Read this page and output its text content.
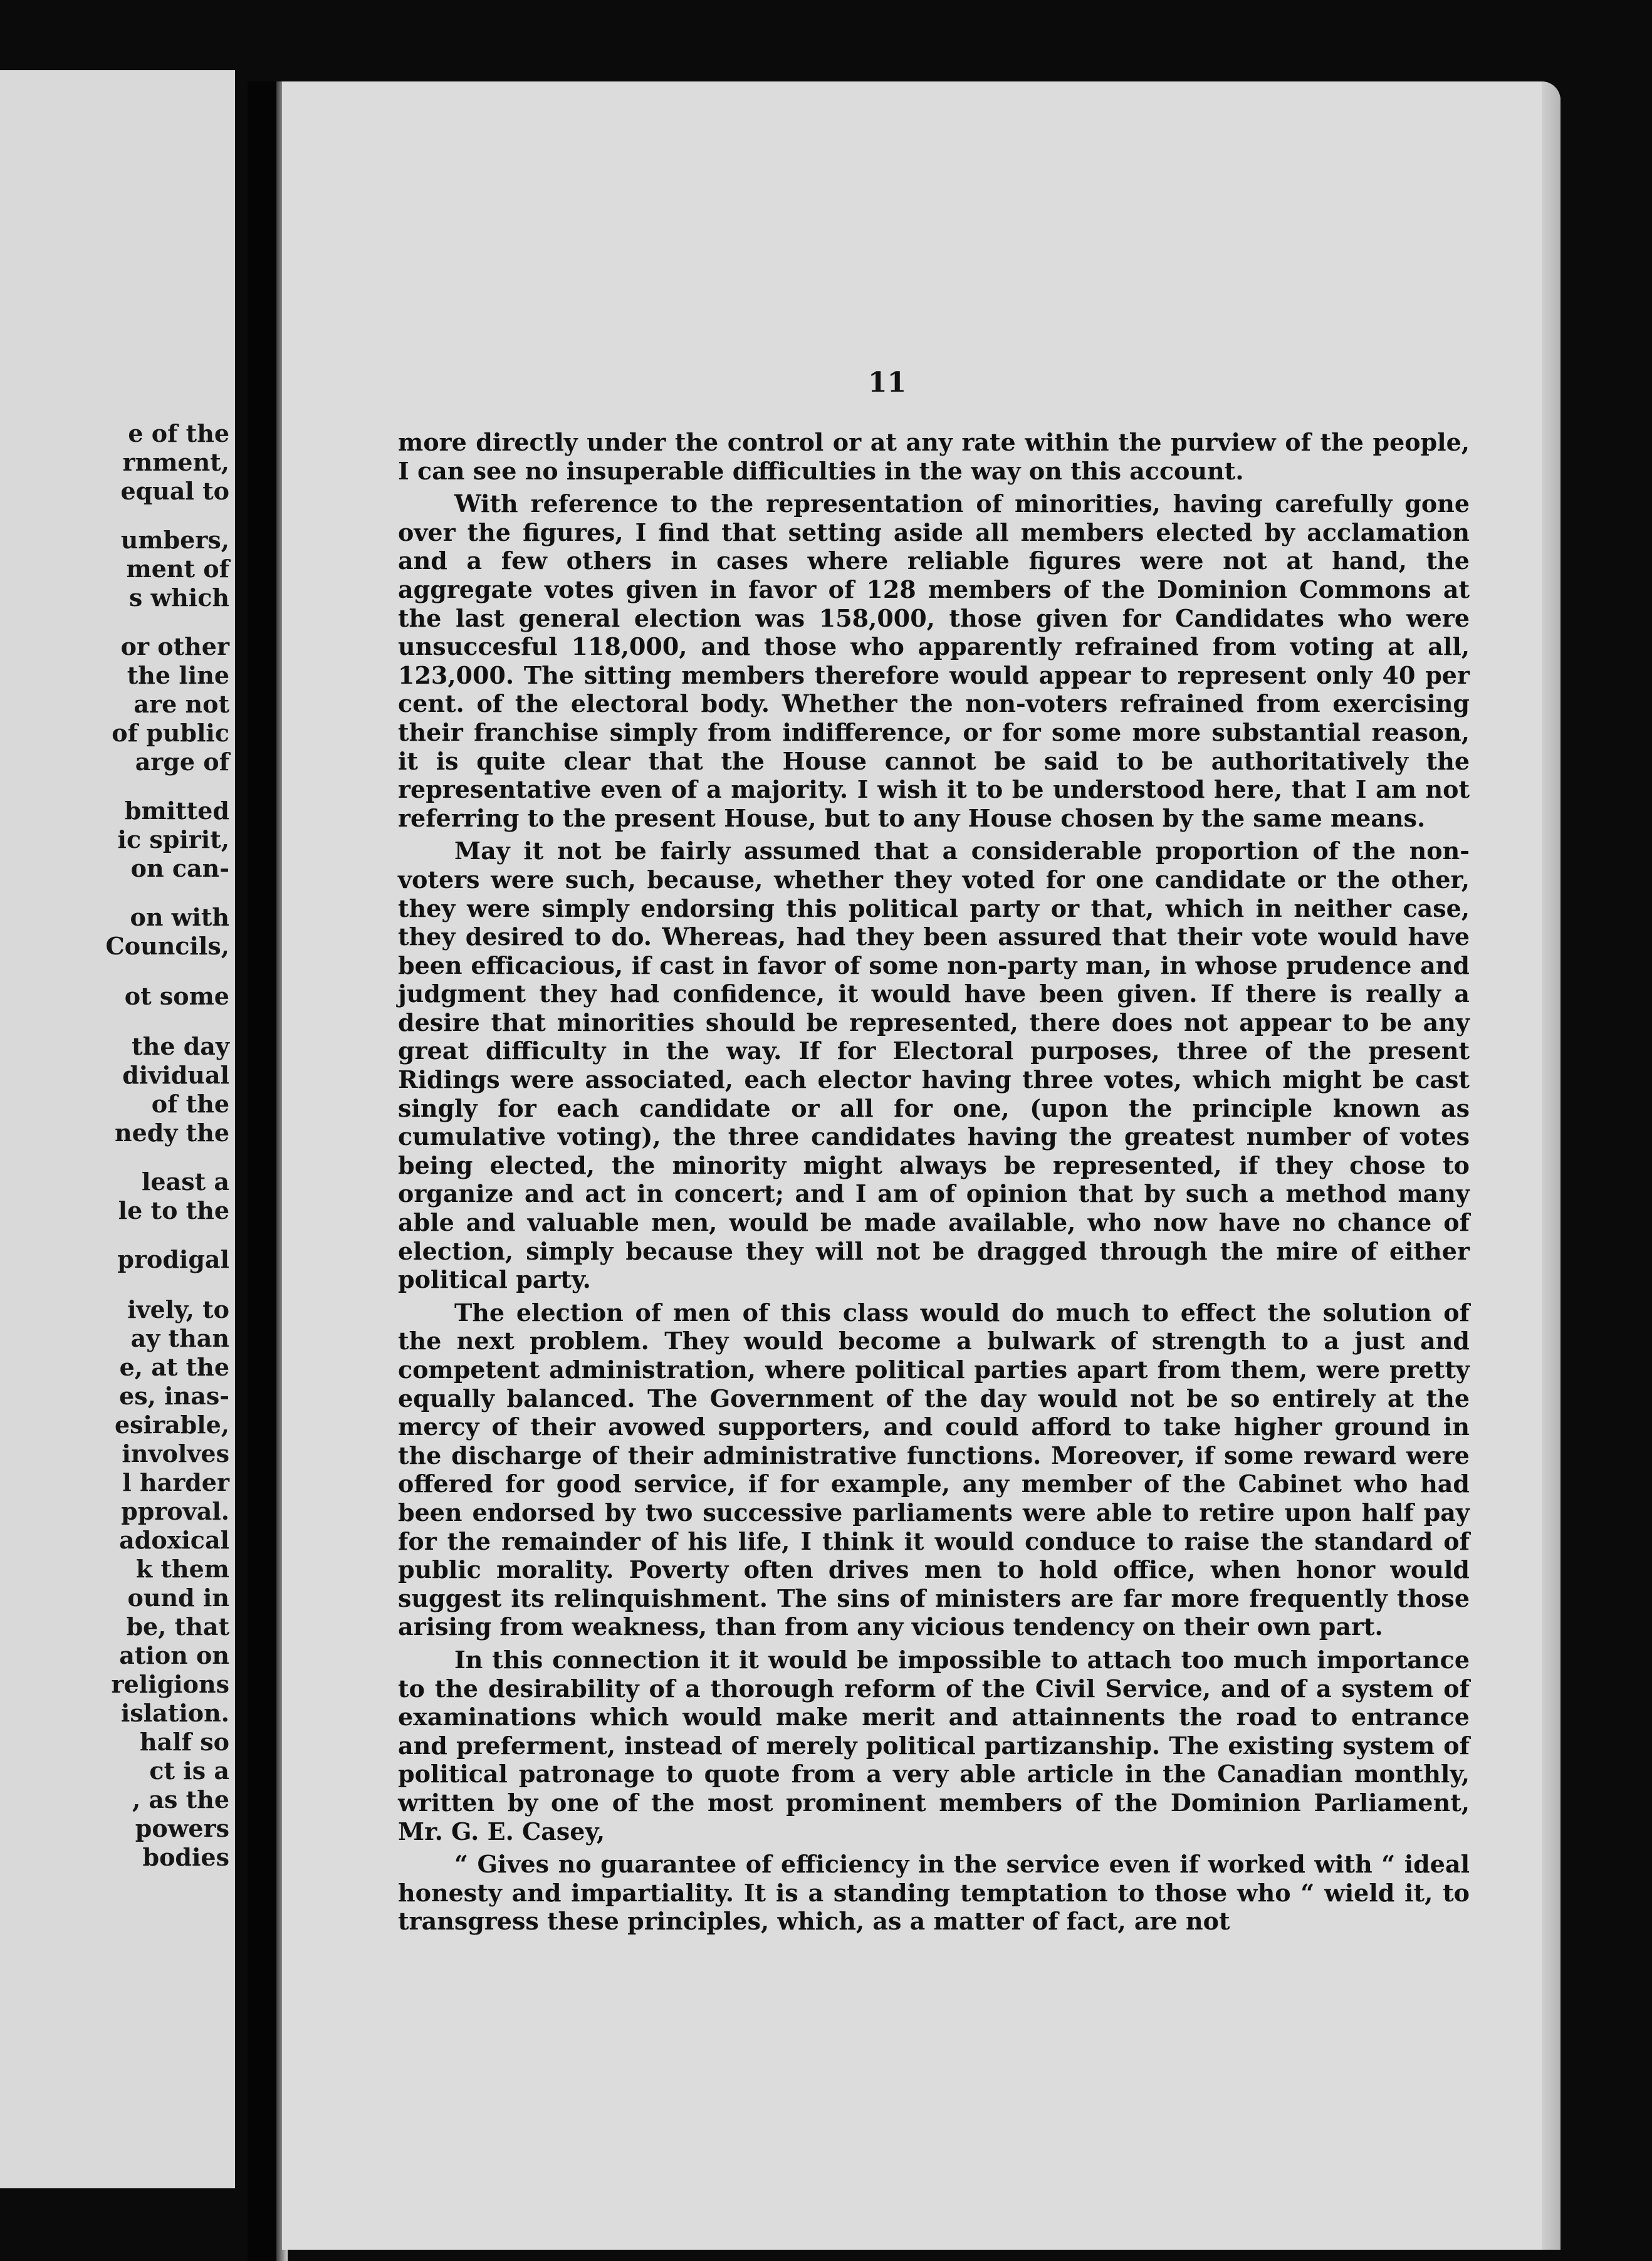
e of the
rnment,
equal to
umbers,
ment of
s which
or other
the line
are not
of public
arge of
bmitted
ic spirit,
on can-
on with
Councils,
ot some
the day
dividual
of the
nedy the
least a
le to the
prodigal
ively, to
ay than
e, at the
es, inas-
esirable,
involves
l harder
pproval.
adoxical
k them
ound in
be, that
ation on
religions
islation.
half so
ct is a
, as the
powers
bodies
11

more directly under the control or at any rate within the purview of the people, I can see no insuperable difficulties in the way on this account.

With reference to the representation of minorities, having carefully gone over the figures, I find that setting aside all members elected by acclamation and a few others in cases where reliable figures were not at hand, the aggregate votes given in favor of 128 members of the Dominion Commons at the last general election was 158,000, those given for Candidates who were unsuccesful 118,000, and those who apparently refrained from voting at all, 123,000. The sitting members therefore would appear to represent only 40 per cent. of the electoral body. Whether the non-voters refrained from exercising their franchise simply from indifference, or for some more substantial reason, it is quite clear that the House cannot be said to be authoritatively the representative even of a majority. I wish it to be understood here, that I am not referring to the present House, but to any House chosen by the same means.

May it not be fairly assumed that a considerable proportion of the non-voters were such, because, whether they voted for one candidate or the other, they were simply endorsing this political party or that, which in neither case, they desired to do. Whereas, had they been assured that their vote would have been efficacious, if cast in favor of some non-party man, in whose prudence and judgment they had confidence, it would have been given. If there is really a desire that minorities should be represented, there does not appear to be any great difficulty in the way. If for Electoral purposes, three of the present Ridings were associated, each elector having three votes, which might be cast singly for each candidate or all for one, (upon the principle known as cumulative voting), the three candidates having the greatest number of votes being elected, the minority might always be represented, if they chose to organize and act in concert; and I am of opinion that by such a method many able and valuable men, would be made available, who now have no chance of election, simply because they will not be dragged through the mire of either political party.

The election of men of this class would do much to effect the solution of the next problem. They would become a bulwark of strength to a just and competent administration, where political parties apart from them, were pretty equally balanced. The Government of the day would not be so entirely at the mercy of their avowed supporters, and could afford to take higher ground in the discharge of their administrative functions. Moreover, if some reward were offered for good service, if for example, any member of the Cabinet who had been endorsed by two successive parliaments were able to retire upon half pay for the remainder of his life, I think it would conduce to raise the standard of public morality. Poverty often drives men to hold office, when honor would suggest its relinquishment. The sins of ministers are far more frequently those arising from weakness, than from any vicious tendency on their own part.

In this connection it it would be impossible to attach too much importance to the desirability of a thorough reform of the Civil Service, and of a system of examinations which would make merit and attainnents the road to entrance and preferment, instead of merely political partizanship. The existing system of political patronage to quote from a very able article in the Canadian monthly, written by one of the most prominent members of the Dominion Parliament, Mr. G. E. Casey,

“ Gives no guarantee of efficiency in the service even if worked with “ ideal honesty and impartiality. It is a standing temptation to those who “ wield it, to transgress these principles, which, as a matter of fact, are not
